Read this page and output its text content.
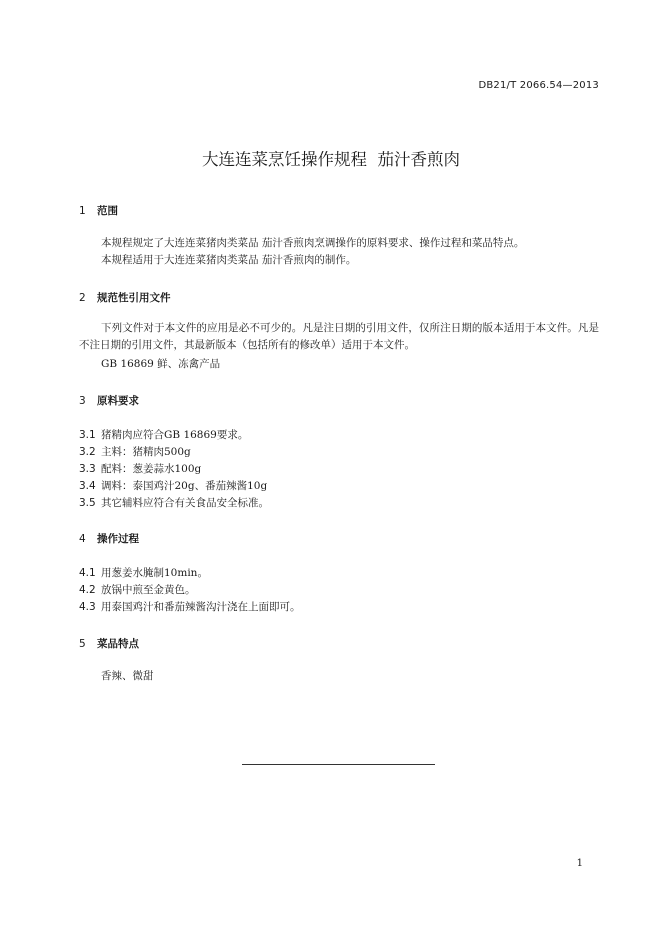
DB21/T 2066.54—2013
大连连菜烹饪操作规程  茄汁香煎肉
1 范围
本规程规定了大连连菜猪肉类菜品 茄汁香煎肉烹调操作的原料要求、操作过程和菜品特点。
本规程适用于大连连菜猪肉类菜品 茄汁香煎肉的制作。
2 规范性引用文件
下列文件对于本文件的应用是必不可少的。凡是注日期的引用文件，仅所注日期的版本适用于本文件。凡是不注日期的引用文件，其最新版本（包括所有的修改单）适用于本文件。
GB 16869 鲜、冻禽产品
3 原料要求
3.1 猪精肉应符合GB 16869要求。
3.2 主料：猪精肉500g
3.3 配料：葱姜蒜水100g
3.4 调料：泰国鸡汁20g、番茄辣酱10g
3.5 其它辅料应符合有关食品安全标准。
4 操作过程
4.1 用葱姜水腌制10min。
4.2 放锅中煎至金黄色。
4.3 用泰国鸡汁和番茄辣酱沟汁浇在上面即可。
5 菜品特点
香辣、微甜
1
